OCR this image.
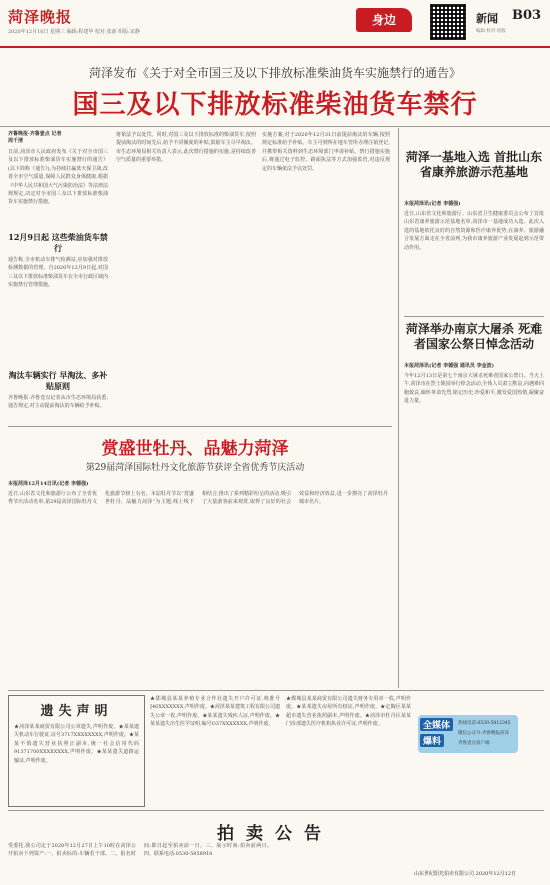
菏泽晚报
2020年12月16日 星期三 编辑:程建华 校对:张新 组版:宋静
身边	新闻 B03
编辑 校对 组版
菏泽发布《关于对全市国三及以下排放标准柴油货车实施禁行的通告》
国三及以下排放标准柴油货车禁行
齐鲁晚报·齐鲁壹点 记者 周千清
日前,菏泽市人民政府发布《关于对全市国三及以下排放标准柴油货车实施禁行的通告》(以下简称《通告》),为持续打赢蓝天保卫战,改善全市空气质量,保障人民群众身体健康,根据《中华人民共和国大气污染防治法》等法律法规规定,决定对全市国三及以下排放标准柴油货车实施禁行措施。
12月9日起 这些柴油货车禁行
通告称,全市机动车排气检测站,应加强对排放检测数据的管理。自2020年12月9日起,对国三及以下排放标准柴油货车在全市行政区域内实施禁行管理措施。
淘汰车辆实行 早淘汰、多补贴原则
齐鲁晚报·齐鲁壹点记者从市生态环境局获悉,通告规定,对主动提前淘汰的车辆给予补贴。
将依法予以处罚。同时,对国三及以下排放标准的柴油货车,按照提前淘汰的时间先后,给予不同额度的补贴,鼓励车主尽早淘汰。市生态环境局相关负责人表示,此次禁行措施的实施,是持续改善空气质量的重要举措。
实施方案,对于2020年12月31日前提前淘汰的车辆,按照规定标准给予补贴。车主可到所在地车管所办理注销登记,并携带相关资料到生态环境部门申请补贴。禁行措施实施后,将通过电子监控、路面执法等方式加强监管,对违反规定的车辆依法予以处罚。
菏泽一基地入选 首批山东省康养旅游示范基地
本报菏泽讯(记者 李德强)
近日,山东省文化和旅游厅、山东省卫生健康委员会公布了首批山东省康养旅游示范基地名单,菏泽市一基地成功入选。此次入选的基地依托良好的自然资源和医疗康养优势,在康养、旅游融合发展方面走在全省前列,为我市康养旅游产业发展起到示范带动作用。
菏泽举办南京大屠杀 死难者国家公祭日悼念活动
本报菏泽讯(记者 李德强 通讯员 李金波)
今年12月13日是第七个南京大屠杀死难者国家公祭日。当天上午,菏泽市在烈士陵园举行悼念活动,全体人员肃立默哀,向遇难同胞致哀,缅怀革命先烈,铭记历史,珍爱和平,激发爱国热情,凝聚奋进力量。
赏盛世牡丹、品魅力菏泽
第29届菏泽国际牡丹文化旅游节获评全省优秀节庆活动
本报菏泽12月14日讯(记者 李德强)
近日,山东省文化和旅游厅公布了全省优秀节庆活动名单,第29届菏泽国际牡丹文化旅游节榜上有名。本届牡丹节以“赏盛世牡丹、品魅力菏泽”为主题,线上线下相结合,推出了系列精彩纷呈的活动,吸引了大量游客前来观赏,取得了良好的社会效益和经济效益,进一步擦亮了菏泽牡丹城市名片。
全媒体
爆料
热线电话:0530-5812345
微信公众号:齐鲁晚报菏泽
齐鲁壹点客户端
遗失声明
★菏泽某某商贸有限公司公章遗失,声明作废。★某某遗失机动车行驶证,证号3717XXXXXXXX,声明作废。★某某不慎遗失营业执照正副本,统一社会信用代码91371700XXXXXXXX,声明作废。★某某遗失道路运输证,声明作废。
★郓城县某某养殖专业合作社遗失开户许可证,核准号J46XXXXXXX,声明作废。★菏泽某某建筑工程有限公司遗失公章一枚,声明作废。★某某遗失残疾人证,声明作废。★某某遗失出生医学证明,编号O37XXXXXXX,声明作废。
★鄄城县某某商贸有限公司遗失财务专用章一枚,声明作废。★某某遗失房屋所有权证,声明作废。★定陶区某某超市遗失营业执照副本,声明作废。★菏泽市牡丹区某某门诊部遗失医疗机构执业许可证,声明作废。
拍卖公告
受委托,我公司定于2020年12月27日上午10时在菏泽公开拍卖下列资产:一、拍卖标的:车辆若干部。二、报名时间:即日起至拍卖前一日。三、展示时间:拍卖前两日。四、联系电话:0530-5858918
山东世纪阳光拍卖有限公司 2020年12月12日
